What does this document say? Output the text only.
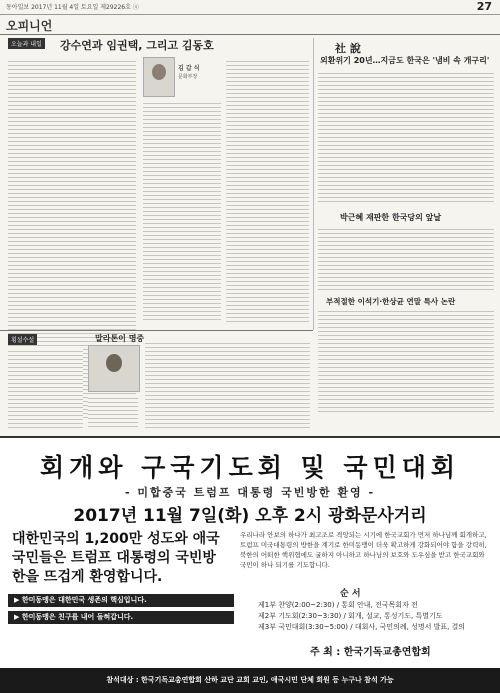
동아일보 2017년 11월 4일 토요일 제29226호 ⓐ	27
오피니언
오늘과 내일 강수연과 임권택, 그리고 김동호
김 갑 식
문화부장
社 說
외환위기 20년…지금도 한국은 '냄비 속 개구리'
박근혜 재판한 한국당의 앞날
부적절한 이석기·한상균 연말 특사 논란
횡설수설	말라톤이 명중
회개와 구국기도회 및 국민대회
- 미합중국 트럼프 대통령 국빈방한 환영 -
2017년 11월 7일(화) 오후 2시 광화문사거리
대한민국의 1,200만 성도와 애국국민들은 트럼프 대통령의 국빈방한을 뜨겁게 환영합니다.
▶ 한미동맹은 대한민국 생존의 핵심입니다.
▶ 한미동맹은 친구를 내어 돌혀갑니다.
우리나라 안보의 하나가 최고조로 격앙되는 시기에 한국교회가 먼저 하나님께 회개하고, 트럼프 미국대통령의 방한을 계기로 한미동맹이 더욱 확고하게 강화되어야 함을 강력히, 북한의 어떠한 핵위협에도 굴하지 아니하고 하나님의 보호와 도우심을 받고 한국교회와 국민이 하나 되기를 기도합니다.
순 서
제1부 찬양(2:00~2:30) / 통회 안내, 전국목회자 전
제2부 기도회(2:30~3:30) / 회개, 설교, 통성기도, 특별기도
제3부 국민대회(3:30~5:00) / 대회사, 국민의례, 성명서 발표, 결의
주 최 : 한국기독교총연합회
참석대상 : 한국기독교총연합회 산하 교단 교회 교인, 애국시민 단체 회원 등 누구나 참석 가능
